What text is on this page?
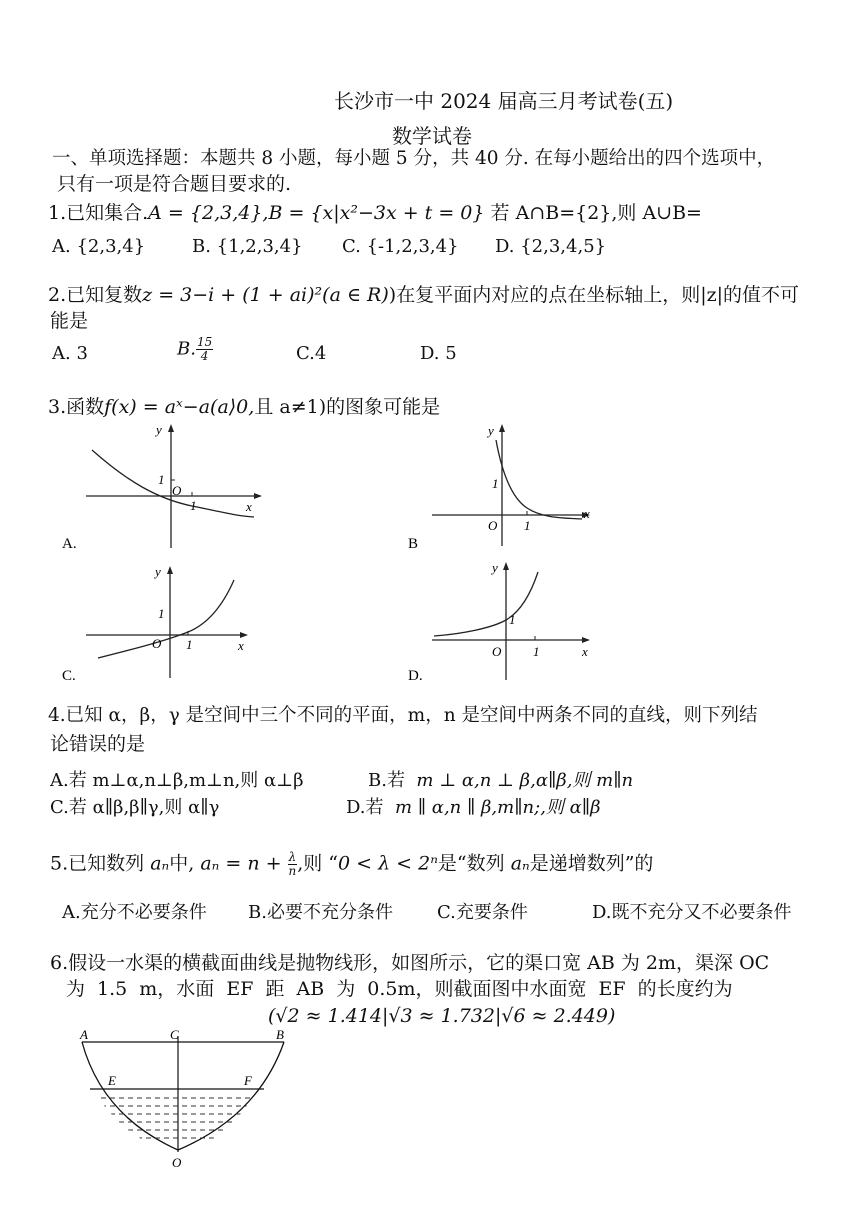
长沙市一中 2024 届高三月考试卷(五)
数学试卷
一、单项选择题：本题共 8 小题，每小题 5 分，共 40 分. 在每小题给出的四个选项中，
只有一项是符合题目要求的.
1.已知集合.A = {2,3,4},B = {x|x²−3x + t = 0} 若 A∩B={2},则 A∪B=
A. {2,3,4}	B. {1,2,3,4} C. {-1,2,3,4} D. {2,3,4,5}
2.已知复数z = 3−i + (1 + ai)²(a ∈ R))在复平面内对应的点在坐标轴上，则|z|的值不可
能是
A. 3	B. $\frac{15}{4}$	C.4	D. 5
3.函数f(x) = aˣ−a(a⟩0,且 a≠1)的图象可能是
1
O
1	x
y
A.
1
O 1
x
y
B
1
O 1	x
y
C.
1
O 1	x
y
D.
4.已知 α，β，γ 是空间中三个不同的平面，m，n 是空间中两条不同的直线，则下列结
论错误的是
A.若 m⊥α,n⊥β,m⊥n,则 α⊥β	B.若 m ⊥ α,n ⊥ β,α∥β,则 m∥n
C.若 α∥β,β∥γ,则 α∥γ	D.若 m ∥ α,n ∥ β,m∥n;,则 α∥β
5.已知数列 aₙ中, $a_n = n + \frac{\lambda}{n}$ ,则 “0 < λ < 2ⁿ是“数列 aₙ是递增数列”的
A.充分不必要条件 B.必要不充分条件 C.充要条件	D.既不充分又不必要条件
6.假设一水渠的横截面曲线是抛物线形，如图所示，它的渠口宽 AB 为 2m，渠深 OC
为 1.5 m，水面 EF 距 AB 为 0.5m，则截面图中水面宽 EF 的长度约为
(√2 ≈ 1.414|√3 ≈ 1.732|√6 ≈ 2.449)
A	C	B
E	F
O
